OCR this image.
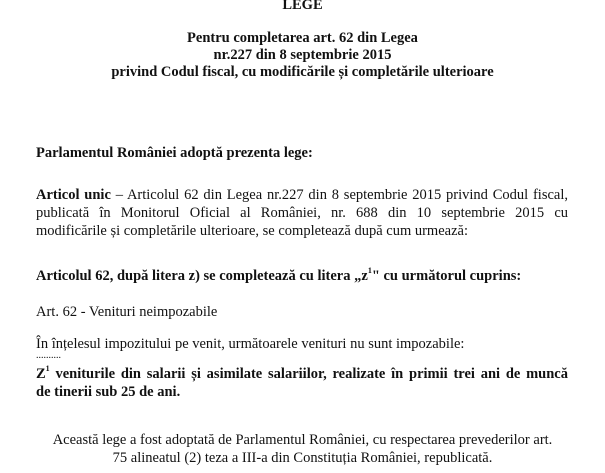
LEGE
Pentru completarea art. 62 din Legea
nr.227 din 8 septembrie 2015
privind Codul fiscal, cu modificările și completările ulterioare
Parlamentul României adoptă prezenta lege:
Articol unic – Articolul 62 din Legea nr.227 din 8 septembrie 2015 privind Codul fiscal,
publicată în Monitorul Oficial al României, nr. 688 din 10 septembrie 2015 cu
modificările și completările ulterioare, se completează după cum urmează:
Articolul 62, după litera z) se completează cu litera $„z^1$" cu următorul cuprins:
Art. 62 - Venituri neimpozabile
În înțelesul impozitului pe venit, următoarele venituri nu sunt impozabile:
..........
$Z^1$ veniturile din salarii și asimilate salariilor, realizate în primii trei ani de muncă
de tinerii sub 25 de ani.
Această lege a fost adoptată de Parlamentul României, cu respectarea prevederilor art.
75 alineatul (2) teza a III-a din Constituția României, republicată.
